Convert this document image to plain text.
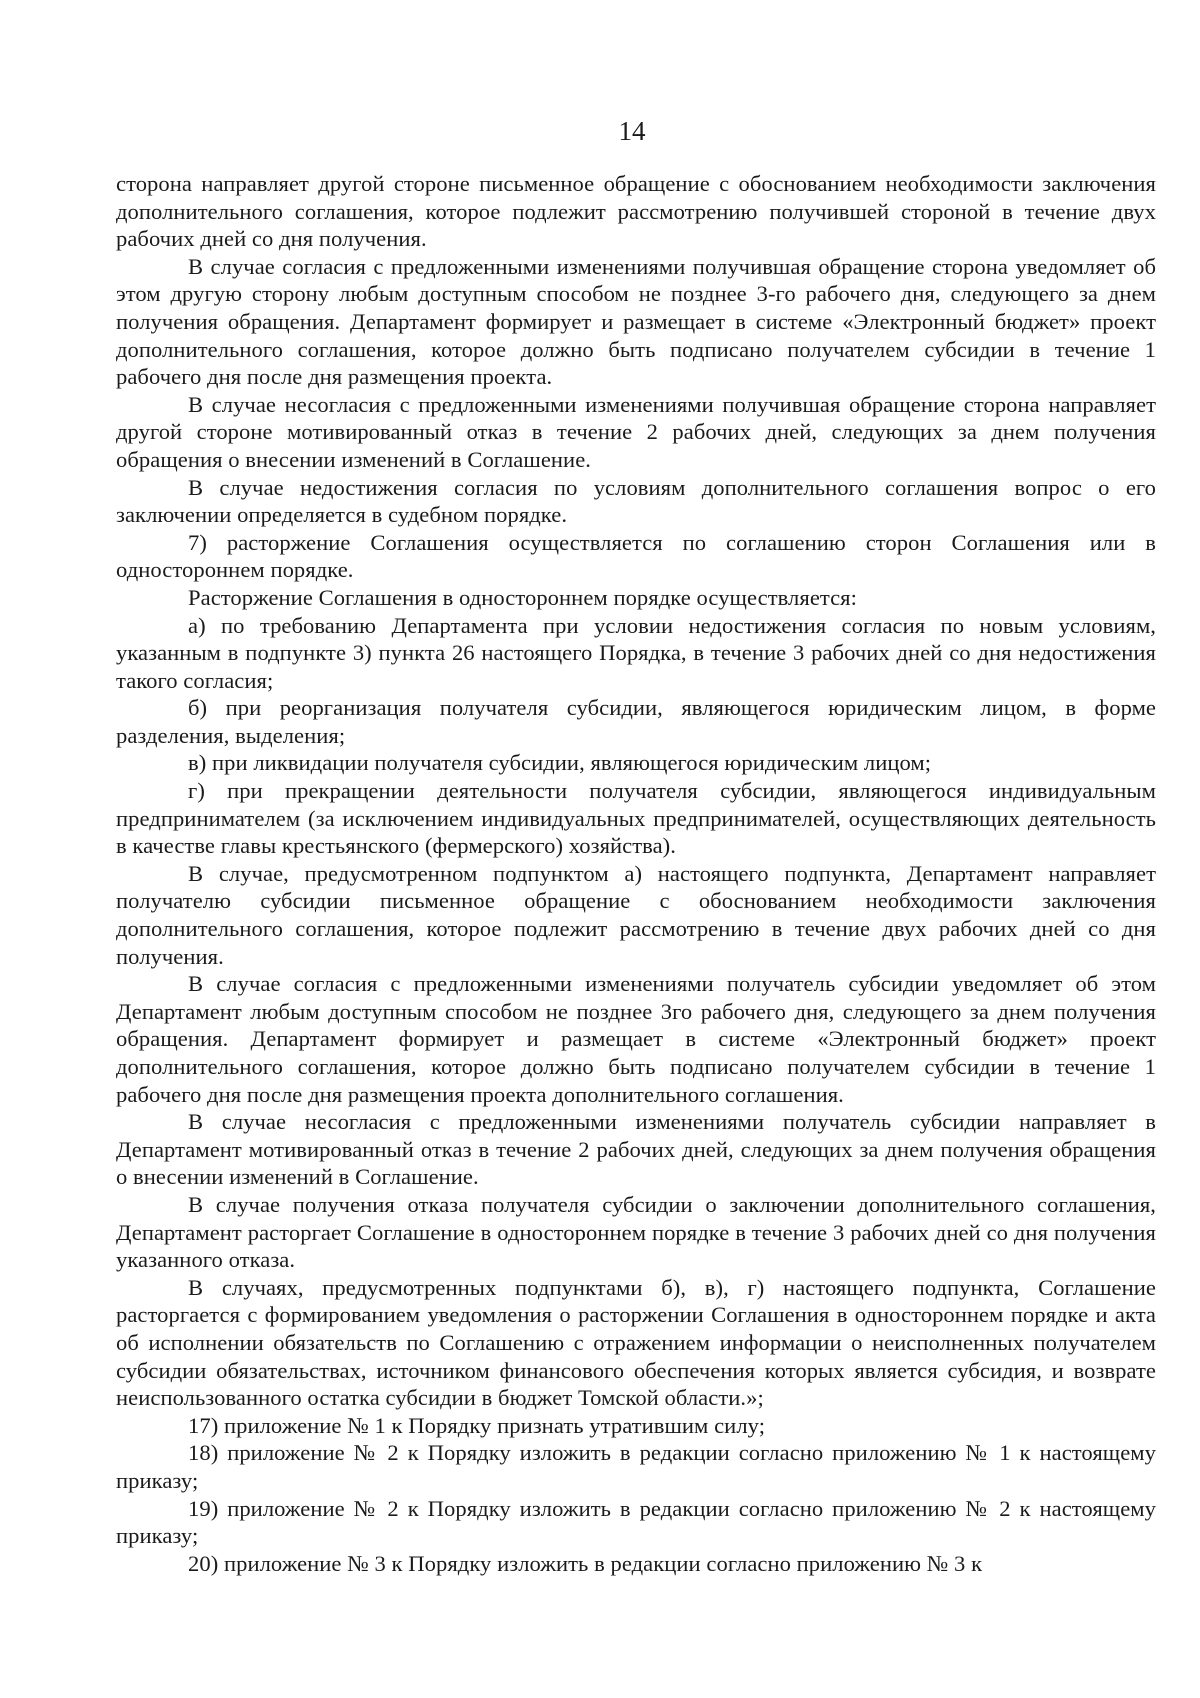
14

сторона направляет другой стороне письменное обращение с обоснованием необходимости заключения дополнительного соглашения, которое подлежит рассмотрению получившей стороной в течение двух рабочих дней со дня получения.

В случае согласия с предложенными изменениями получившая обращение сторона уведомляет об этом другую сторону любым доступным способом не позднее 3-го рабочего дня, следующего за днем получения обращения. Департамент формирует и размещает в системе «Электронный бюджет» проект дополнительного соглашения, которое должно быть подписано получателем субсидии в течение 1 рабочего дня после дня размещения проекта.

В случае несогласия с предложенными изменениями получившая обращение сторона направляет другой стороне мотивированный отказ в течение 2 рабочих дней, следующих за днем получения обращения о внесении изменений в Соглашение.

В случае недостижения согласия по условиям дополнительного соглашения вопрос о его заключении определяется в судебном порядке.

7) расторжение Соглашения осуществляется по соглашению сторон Соглашения или в одностороннем порядке.

Расторжение Соглашения в одностороннем порядке осуществляется:

а) по требованию Департамента при условии недостижения согласия по новым условиям, указанным в подпункте 3) пункта 26 настоящего Порядка, в течение 3 рабочих дней со дня недостижения такого согласия;

б) при реорганизация получателя субсидии, являющегося юридическим лицом, в форме разделения, выделения;

в) при ликвидации получателя субсидии, являющегося юридическим лицом;

г) при прекращении деятельности получателя субсидии, являющегося индивидуальным предпринимателем (за исключением индивидуальных предпринимателей, осуществляющих деятельность в качестве главы крестьянского (фермерского) хозяйства).

В случае, предусмотренном подпунктом а) настоящего подпункта, Департамент направляет получателю субсидии письменное обращение с обоснованием необходимости заключения дополнительного соглашения, которое подлежит рассмотрению в течение двух рабочих дней со дня получения.

В случае согласия с предложенными изменениями получатель субсидии уведомляет об этом Департамент любым доступным способом не позднее 3го рабочего дня, следующего за днем получения обращения. Департамент формирует и размещает в системе «Электронный бюджет» проект дополнительного соглашения, которое должно быть подписано получателем субсидии в течение 1 рабочего дня после дня размещения проекта дополнительного соглашения.

В случае несогласия с предложенными изменениями получатель субсидии направляет в Департамент мотивированный отказ в течение 2 рабочих дней, следующих за днем получения обращения о внесении изменений в Соглашение.

В случае получения отказа получателя субсидии о заключении дополнительного соглашения, Департамент расторгает Соглашение в одностороннем порядке в течение 3 рабочих дней со дня получения указанного отказа.

В случаях, предусмотренных подпунктами б), в), г) настоящего подпункта, Соглашение расторгается с формированием уведомления о расторжении Соглашения в одностороннем порядке и акта об исполнении обязательств по Соглашению с отражением информации о неисполненных получателем субсидии обязательствах, источником финансового обеспечения которых является субсидия, и возврате неиспользованного остатка субсидии в бюджет Томской области.»;

17) приложение № 1 к Порядку признать утратившим силу;

18) приложение № 2 к Порядку изложить в редакции согласно приложению № 1 к настоящему приказу;

19) приложение № 2 к Порядку изложить в редакции согласно приложению № 2 к настоящему приказу;

20) приложение № 3 к Порядку изложить в редакции согласно приложению № 3 к
